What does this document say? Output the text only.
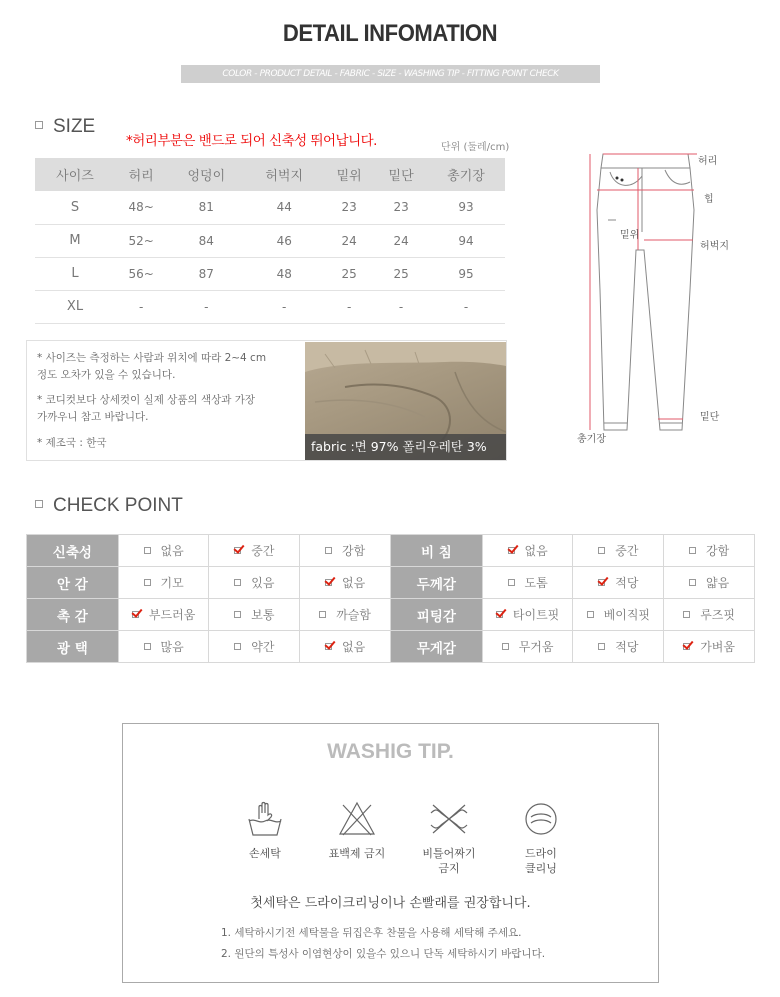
DETAIL INFOMATION
COLOR - PRODUCT DETAIL - FABRIC - SIZE - WASHING TIP - FITTING POINT CHECK
SIZE
*허리부분은 밴드로 되어 신축성 뛰어납니다.	단위 (둘레/cm)
사이즈	허리	엉덩이	허벅지	밑위	밑단	총기장
S	48~	81	44	23	23	93
M	52~	84	46	24	24	94
L	56~	87	48	25	25	95
XL	-	-	-	-	-	-
* 사이즈는 측정하는 사람과 위치에 따라 2~4 cm
정도 오차가 있을 수 있습니다.
* 코디컷보다 상세컷이 실제 상품의 색상과 가장
가까우니 참고 바랍니다.
* 제조국 : 한국	fabric :면 97% 폴리우레탄 3%
허리
힙
밑위
허벅지
밑단
총기장
CHECK POINT
신축성	없음	중간	강함	비 침	없음	중간	강함
안 감	기모	있음	없음	두께감	도톰	적당	얇음
촉 감	부드러움	보통	까슬함	피팅감	타이트핏	베이직핏	루즈핏
광 택	많음	약간	없음	무게감	무거움	적당	가벼움
WASHIG TIP.
손세탁	표백제 금지	비틀어짜기
금지
드라이
클리닝
첫세탁은 드라이크리닝이나 손빨래를 권장합니다.
1. 세탁하시기전 세탁물을 뒤집은후 찬물을 사용해 세탁해 주세요.
2. 원단의 특성사 이염현상이 있을수 있으니 단독 세탁하시기 바랍니다.
